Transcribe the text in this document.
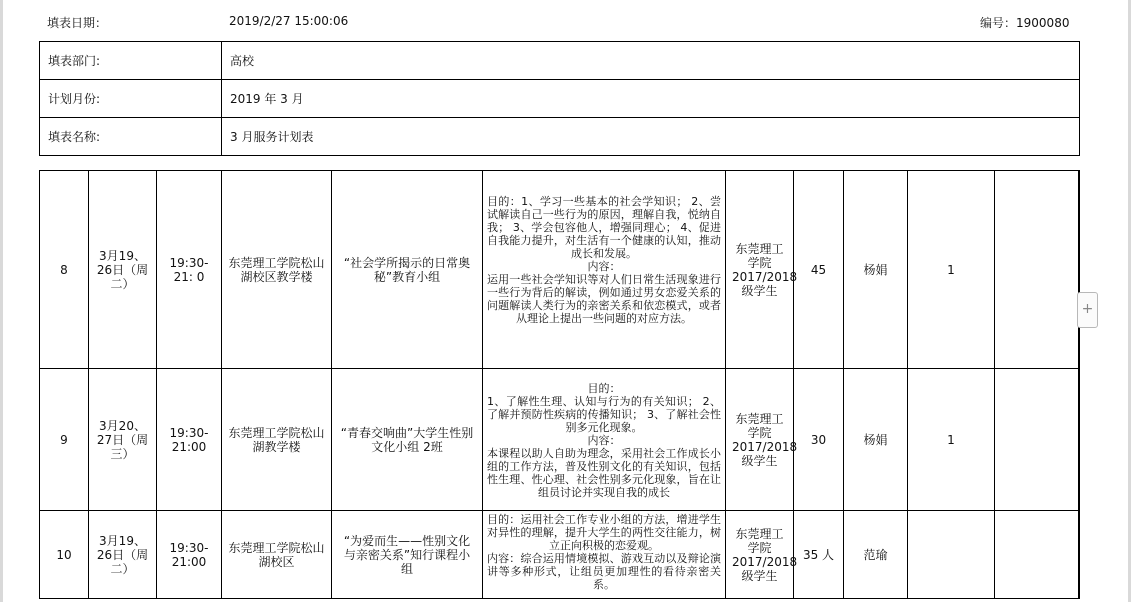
填表日期：	2019/2/27 15:00:06	编号：1900080
填表部门:	高校
计划月份:	2019 年 3 月
填表名称:	3 月服务计划表
8	3月19、26日（周二）	19:30-21: 0	东莞理工学院松山湖校区教学楼	“社会学所揭示的日常奥秘”教育小组	目的：1、学习一些基本的社会学知识； 2、尝试解读自己一些行为的原因，理解自我，悦纳自我； 3、学会包容他人，增强同理心； 4、促进自我能力提升，对生活有一个健康的认知，推动成长和发展。
内容：
运用一些社会学知识等对人们日常生活现象进行一些行为背后的解读，例如通过男女恋爱关系的问题解读人类行为的亲密关系和依恋模式，或者从理论上提出一些问题的对应方法。	东莞理工学院2017/2018级学生	45	杨娟	1		
9	3月20、27日（周三）	19:30-21:00	东莞理工学院松山湖教学楼	“青春交响曲”大学生性别文化小组 2班	目的：
1、了解性生理、认知与行为的有关知识； 2、了解并预防性疾病的传播知识； 3、了解社会性别多元化现象。
内容：
本课程以助人自助为理念，采用社会工作成长小组的工作方法，普及性别文化的有关知识，包括性生理、性心理、社会性别多元化现象，旨在让组员讨论并实现自我的成长	东莞理工学院2017/2018级学生	30	杨娟	1		
10	3月19、26日（周二）	19:30-21:00	东莞理工学院松山湖校区	“为爱而生——性别文化与亲密关系”知行课程小组	目的：运用社会工作专业小组的方法，增进学生对异性的理解，提升大学生的两性交往能力，树立正向积极的恋爱观。
内容：综合运用情境模拟、游戏互动以及辩论演讲等多种形式，让组员更加理性的看待亲密关系。	东莞理工学院2017/2018级学生	35 人	范瑜			
+
